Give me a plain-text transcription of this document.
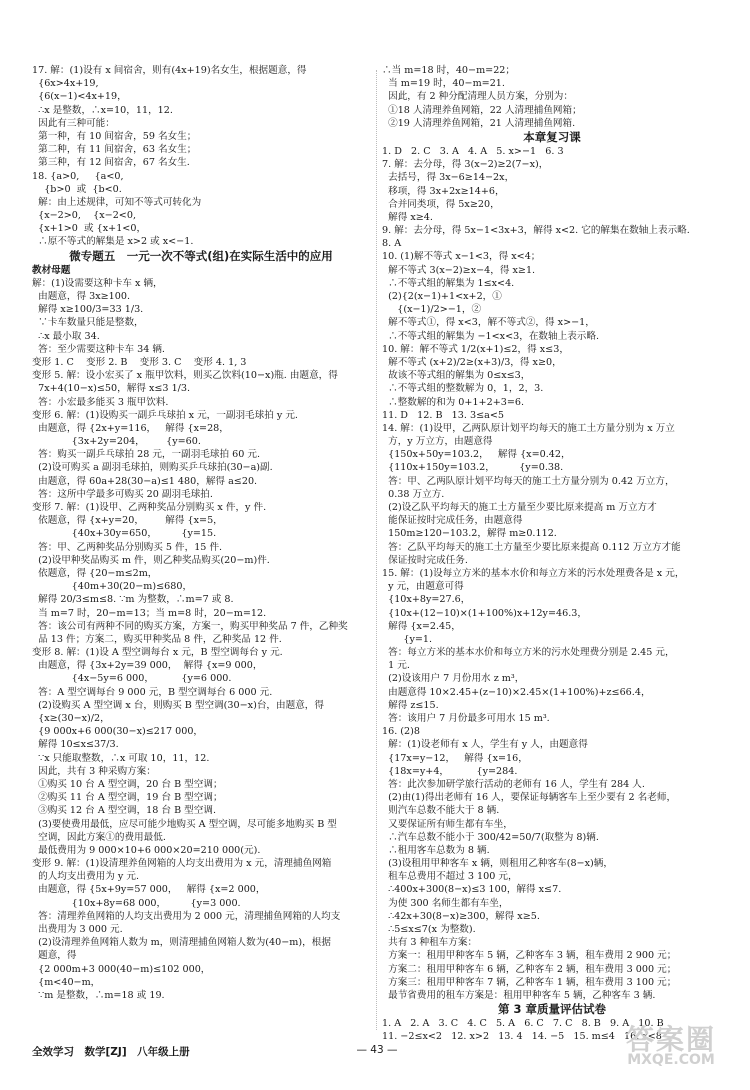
17. 解：(1)设有 x 间宿舍，则有(4x+19)名女生，根据题意，得
{6x>4x+19,
{6(x−1)<4x+19，
∴x 是整数，∴x=10，11，12.
因此有三种可能：
第一种，有 10 间宿舍，59 名女生；
第二种，有 11 间宿舍，63 名女生；
第三种，有 12 间宿舍，67 名女生.
18. {a>0,     {a<0,
{b>0  或  {b<0.
解：由上述规律，可知不等式可转化为
{x−2>0,    {x−2<0,
{x+1>0  或 {x+1<0，
∴原不等式的解集是 x>2 或 x<−1.
微专题五　一元一次不等式(组)在实际生活中的应用
教材母题
解：(1)设需要这种卡车 x 辆，
由题意，得 3x≥100.
解得 x≥100/3=33 1/3.
∵卡车数量只能是整数，
∴x 最小取 34.
答：至少需要这种卡车 34 辆.
变形 1. C    变形 2. B    变形 3. C    变形 4. 1, 3
变形 5. 解：设小宏买了 x 瓶甲饮料，则买乙饮料(10−x)瓶. 由题意，得
7x+4(10−x)≤50，解得 x≤3 1/3.
答：小宏最多能买 3 瓶甲饮料.
变形 6. 解：(1)设购买一副乒乓球拍 x 元，一副羽毛球拍 y 元.
由题意，得 {2x+y=116，   解得 {x=28，
{3x+2y=204，       {y=60.
答：购买一副乒乓球拍 28 元，一副羽毛球拍 60 元.
(2)设可购买 a 副羽毛球拍，则购买乒乓球拍(30−a)副.
由题意，得 60a+28(30−a)≤1 480，解得 a≤20.
答：这所中学最多可购买 20 副羽毛球拍.
变形 7. 解：(1)设甲、乙两种奖品分别购买 x 件，y 件.
依题意，得 {x+y=20，       解得 {x=5，
{40x+30y=650，        {y=15.
答：甲、乙两种奖品分别购买 5 件，15 件.
(2)设甲种奖品购买 m 件，则乙种奖品购买(20−m)件.
依题意，得 {20−m≤2m，
{40m+30(20−m)≤680，
解得 20/3≤m≤8. ∵m 为整数，∴m=7 或 8.
当 m=7 时，20−m=13；当 m=8 时，20−m=12.
答：该公司有两种不同的购买方案，方案一，购买甲种奖品 7 件，乙种奖
品 13 件；方案二，购买甲种奖品 8 件，乙种奖品 12 件.
变形 8. 解：(1)设 A 型空调每台 x 元，B 型空调每台 y 元.
由题意，得 {3x+2y=39 000，  解得 {x=9 000，
{4x−5y=6 000，         {y=6 000.
答：A 型空调每台 9 000 元，B 型空调每台 6 000 元.
(2)设购买 A 型空调 x 台，则购买 B 型空调(30−x)台，由题意，得
{x≥(30−x)/2，
{9 000x+6 000(30−x)≤217 000，
解得 10≤x≤37/3.
∵x 只能取整数，∴x 可取 10，11，12.
因此，共有 3 种采购方案：
①购买 10 台 A 型空调，20 台 B 型空调；
②购买 11 台 A 型空调，19 台 B 型空调；
③购买 12 台 A 型空调，18 台 B 型空调.
(3)要使费用最低，应尽可能少地购买 A 型空调，尽可能多地购买 B 型
空调，因此方案①的费用最低.
最低费用为 9 000×10+6 000×20=210 000(元).
变形 9. 解：(1)设清理养鱼网箱的人均支出费用为 x 元，清理捕鱼网箱
的人均支出费用为 y 元.
由题意，得 {5x+9y=57 000，   解得 {x=2 000，
{10x+8y=68 000，        {y=3 000.
答：清理养鱼网箱的人均支出费用为 2 000 元，清理捕鱼网箱的人均支
出费用为 3 000 元.
(2)设清理养鱼网箱人数为 m，则清理捕鱼网箱人数为(40−m)，根据
题意，得
{2 000m+3 000(40−m)≤102 000，
{m<40−m，
∵m 是整数，∴m=18 或 19.
∴当 m=18 时，40−m=22；
当 m=19 时，40−m=21.
因此，有 2 种分配清理人员方案，分别为：
①18 人清理养鱼网箱，22 人清理捕鱼网箱；
②19 人清理养鱼网箱，21 人清理捕鱼网箱.
本章复习课
1. D   2. C   3. A   4. A   5. x>−1   6. 3
7. 解：去分母，得 3(x−2)≥2(7−x)，
去括号，得 3x−6≥14−2x，
移项，得 3x+2x≥14+6，
合并同类项，得 5x≥20，
解得 x≥4.
9. 解：去分母，得 5x−1<3x+3，解得 x<2. 它的解集在数轴上表示略.
8. A
10. (1)解不等式 x−1<3，得 x<4；
解不等式 3(x−2)≥x−4，得 x≥1.
∴不等式组的解集为 1≤x<4.
(2){2(x−1)+1<x+2，①
{(x−1)/2>−1，②
解不等式①，得 x<3，解不等式②，得 x>−1，
∴不等式组的解集为 −1<x<3，在数轴上表示略.
10. 解：解不等式 1/2(x+1)≤2，得 x≤3，
解不等式 (x+2)/2≥(x+3)/3，得 x≥0，
故该不等式组的解集为 0≤x≤3，
∴不等式组的整数解为 0，1，2，3.
∴整数解的和为 0+1+2+3=6.
11. D   12. B   13. 3≤a<5
14. 解：(1)设甲，乙两队原计划平均每天的施工土方量分别为 x 万立
方，y 万立方，由题意得
{150x+50y=103.2，   解得 {x=0.42，
{110x+150y=103.2，        {y=0.38.
答：甲、乙两队原计划平均每天的施工土方量分别为 0.42 万立方，
0.38 万立方.
(2)设乙队平均每天的施工土方量至少要比原来提高 m 万立方才
能保证按时完成任务，由题意得
150m≥120−103.2，解得 m≥0.112.
答：乙队平均每天的施工土方量至少要比原来提高 0.112 万立方才能
保证按时完成任务.
15. 解：(1)设每立方米的基本水价和每立方米的污水处理费各是 x 元，
y 元，由题意可得
{10x+8y=27.6，
{10x+(12−10)×(1+100%)x+12y=46.3，
解得 {x=2.45，
{y=1.
答：每立方米的基本水价和每立方米的污水处理费分别是 2.45 元，
1 元.
(2)设该用户 7 月份用水 z m³，
由题意得 10×2.45+(z−10)×2.45×(1+100%)+z≤66.4，
解得 z≤15.
答：该用户 7 月份最多可用水 15 m³.
16. (2)8
解：(1)设老师有 x 人，学生有 y 人，由题意得
{17x=y−12，   解得 {x=16，
{18x=y+4，         {y=284.
答：此次参加研学旅行活动的老师有 16 人，学生有 284 人.
(2)由(1)得出老师有 16 人，要保证每辆客车上至少要有 2 名老师，
则汽车总数不能大于 8 辆.
又要保证所有师生都有车坐，
∴汽车总数不能小于 300/42=50/7(取整为 8)辆.
∴租用客车总数为 8 辆.
(3)设租用甲种客车 x 辆，则租用乙种客车(8−x)辆，
租车总费用不超过 3 100 元，
∴400x+300(8−x)≤3 100，解得 x≤7.
为使 300 名师生都有车坐，
∴42x+30(8−x)≥300，解得 x≥5.
∴5≤x≤7(x 为整数).
共有 3 种租车方案：
方案一：租用甲种客车 5 辆，乙种客车 3 辆，租车费用 2 900 元；
方案二：租用甲种客车 6 辆，乙种客车 2 辆，租车费用 3 000 元；
方案三：租用甲种客车 7 辆，乙种客车 1 辆，租车费用 3 100 元；
最节省费用的租车方案是：租用甲种客车 5 辆，乙种客车 3 辆.
第 3 章质量评估试卷
1. A   2. A   3. C   4. C   5. A   6. C   7. C   8. B   9. A   10. B
11. −2≤x<2   12. x>2   13. 4   14. −5   15. m≤4   16. x<8
全效学习　数学[ZJ]　八年级上册	— 43 —	答案圈
MXQE.COM
